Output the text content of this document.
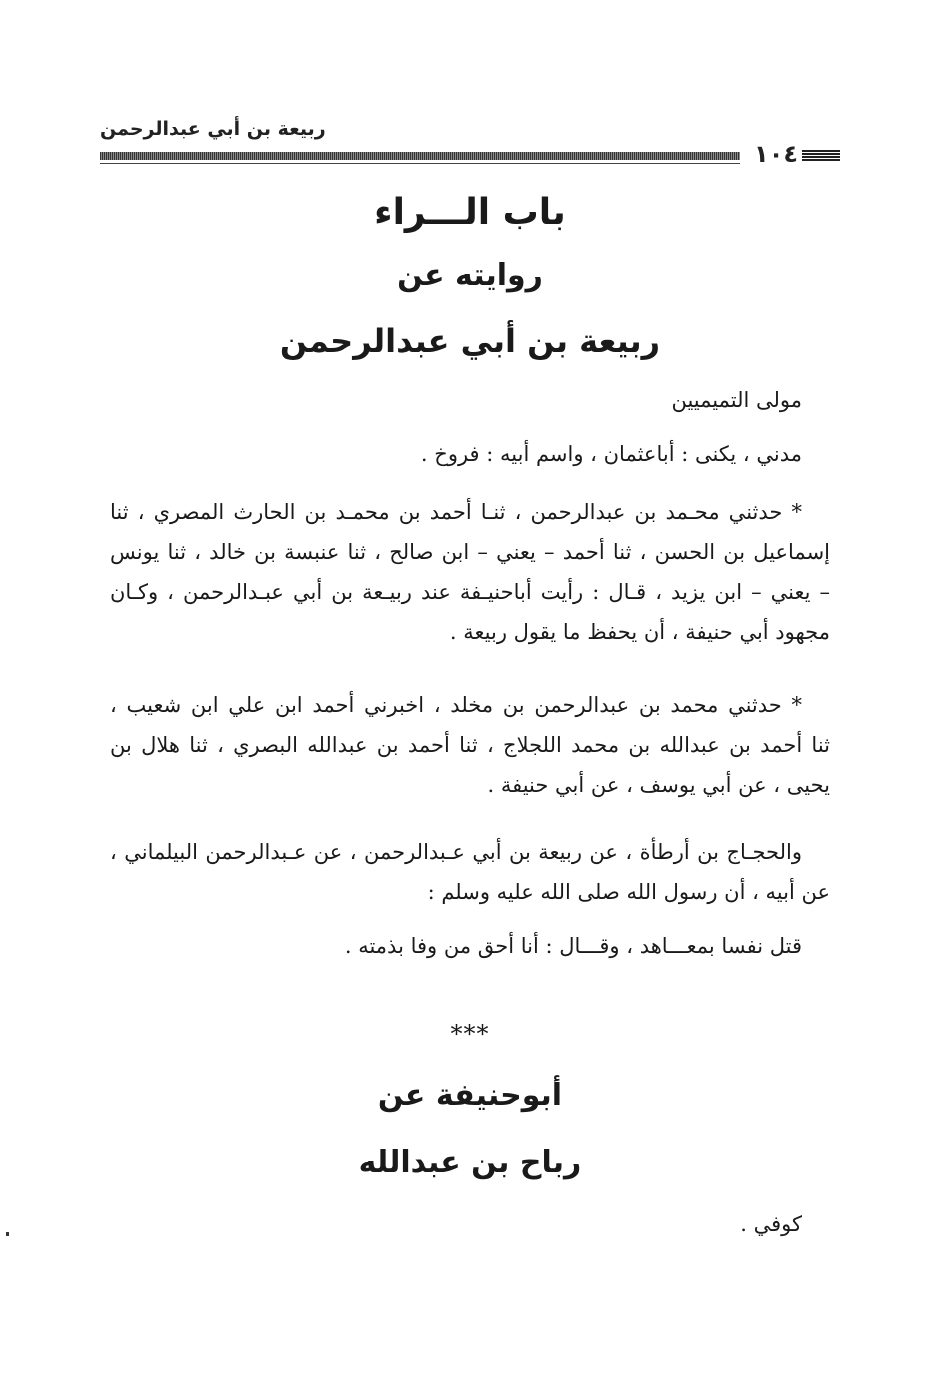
ربيعة بن أبي عبدالرحمن
١٠٤
باب الـــراء
روايته عن
ربيعة بن أبي عبدالرحمن
مولى التميميين
مدني ، يكنى : أباعثمان ، واسم أبيه : فروخ .
* حدثني محـمد بن عبدالرحمن ، ثنـا أحمد بن محمـد بن الحارث المصري ، ثنا
إسماعيل بن الحسن ، ثنا أحمد – يعني – ابن صالح ، ثنا عنبسة بن خالد ، ثنا يونس
– يعني – ابن يزيد ، قـال : رأيت أباحنيـفة عند ربيـعة بن أبي عبـدالرحمن ، وكـان
مجهود أبي حنيفة ، أن يحفظ ما يقول ربيعة .
* حدثني محمد بن عبدالرحمن بن مخلد ، اخبرني أحمد ابن علي ابن شعيب ،
ثنا أحمد بن عبدالله بن محمد اللجلاج ، ثنا أحمد بن عبدالله البصري ، ثنا هلال بن
يحيى ، عن أبي يوسف ، عن أبي حنيفة .
والحجـاج بن أرطأة ، عن ربيعة بن أبي عـبدالرحمن ، عن عـبدالرحمن البيلماني ،
عن أبيه ، أن رسول الله صلى الله عليه وسلم :
قتل نفسا بمعـــاهد ، وقـــال : أنا أحق من وفا بذمته .
***
أبوحنيفة عن
رباح بن عبدالله
كوفي .
